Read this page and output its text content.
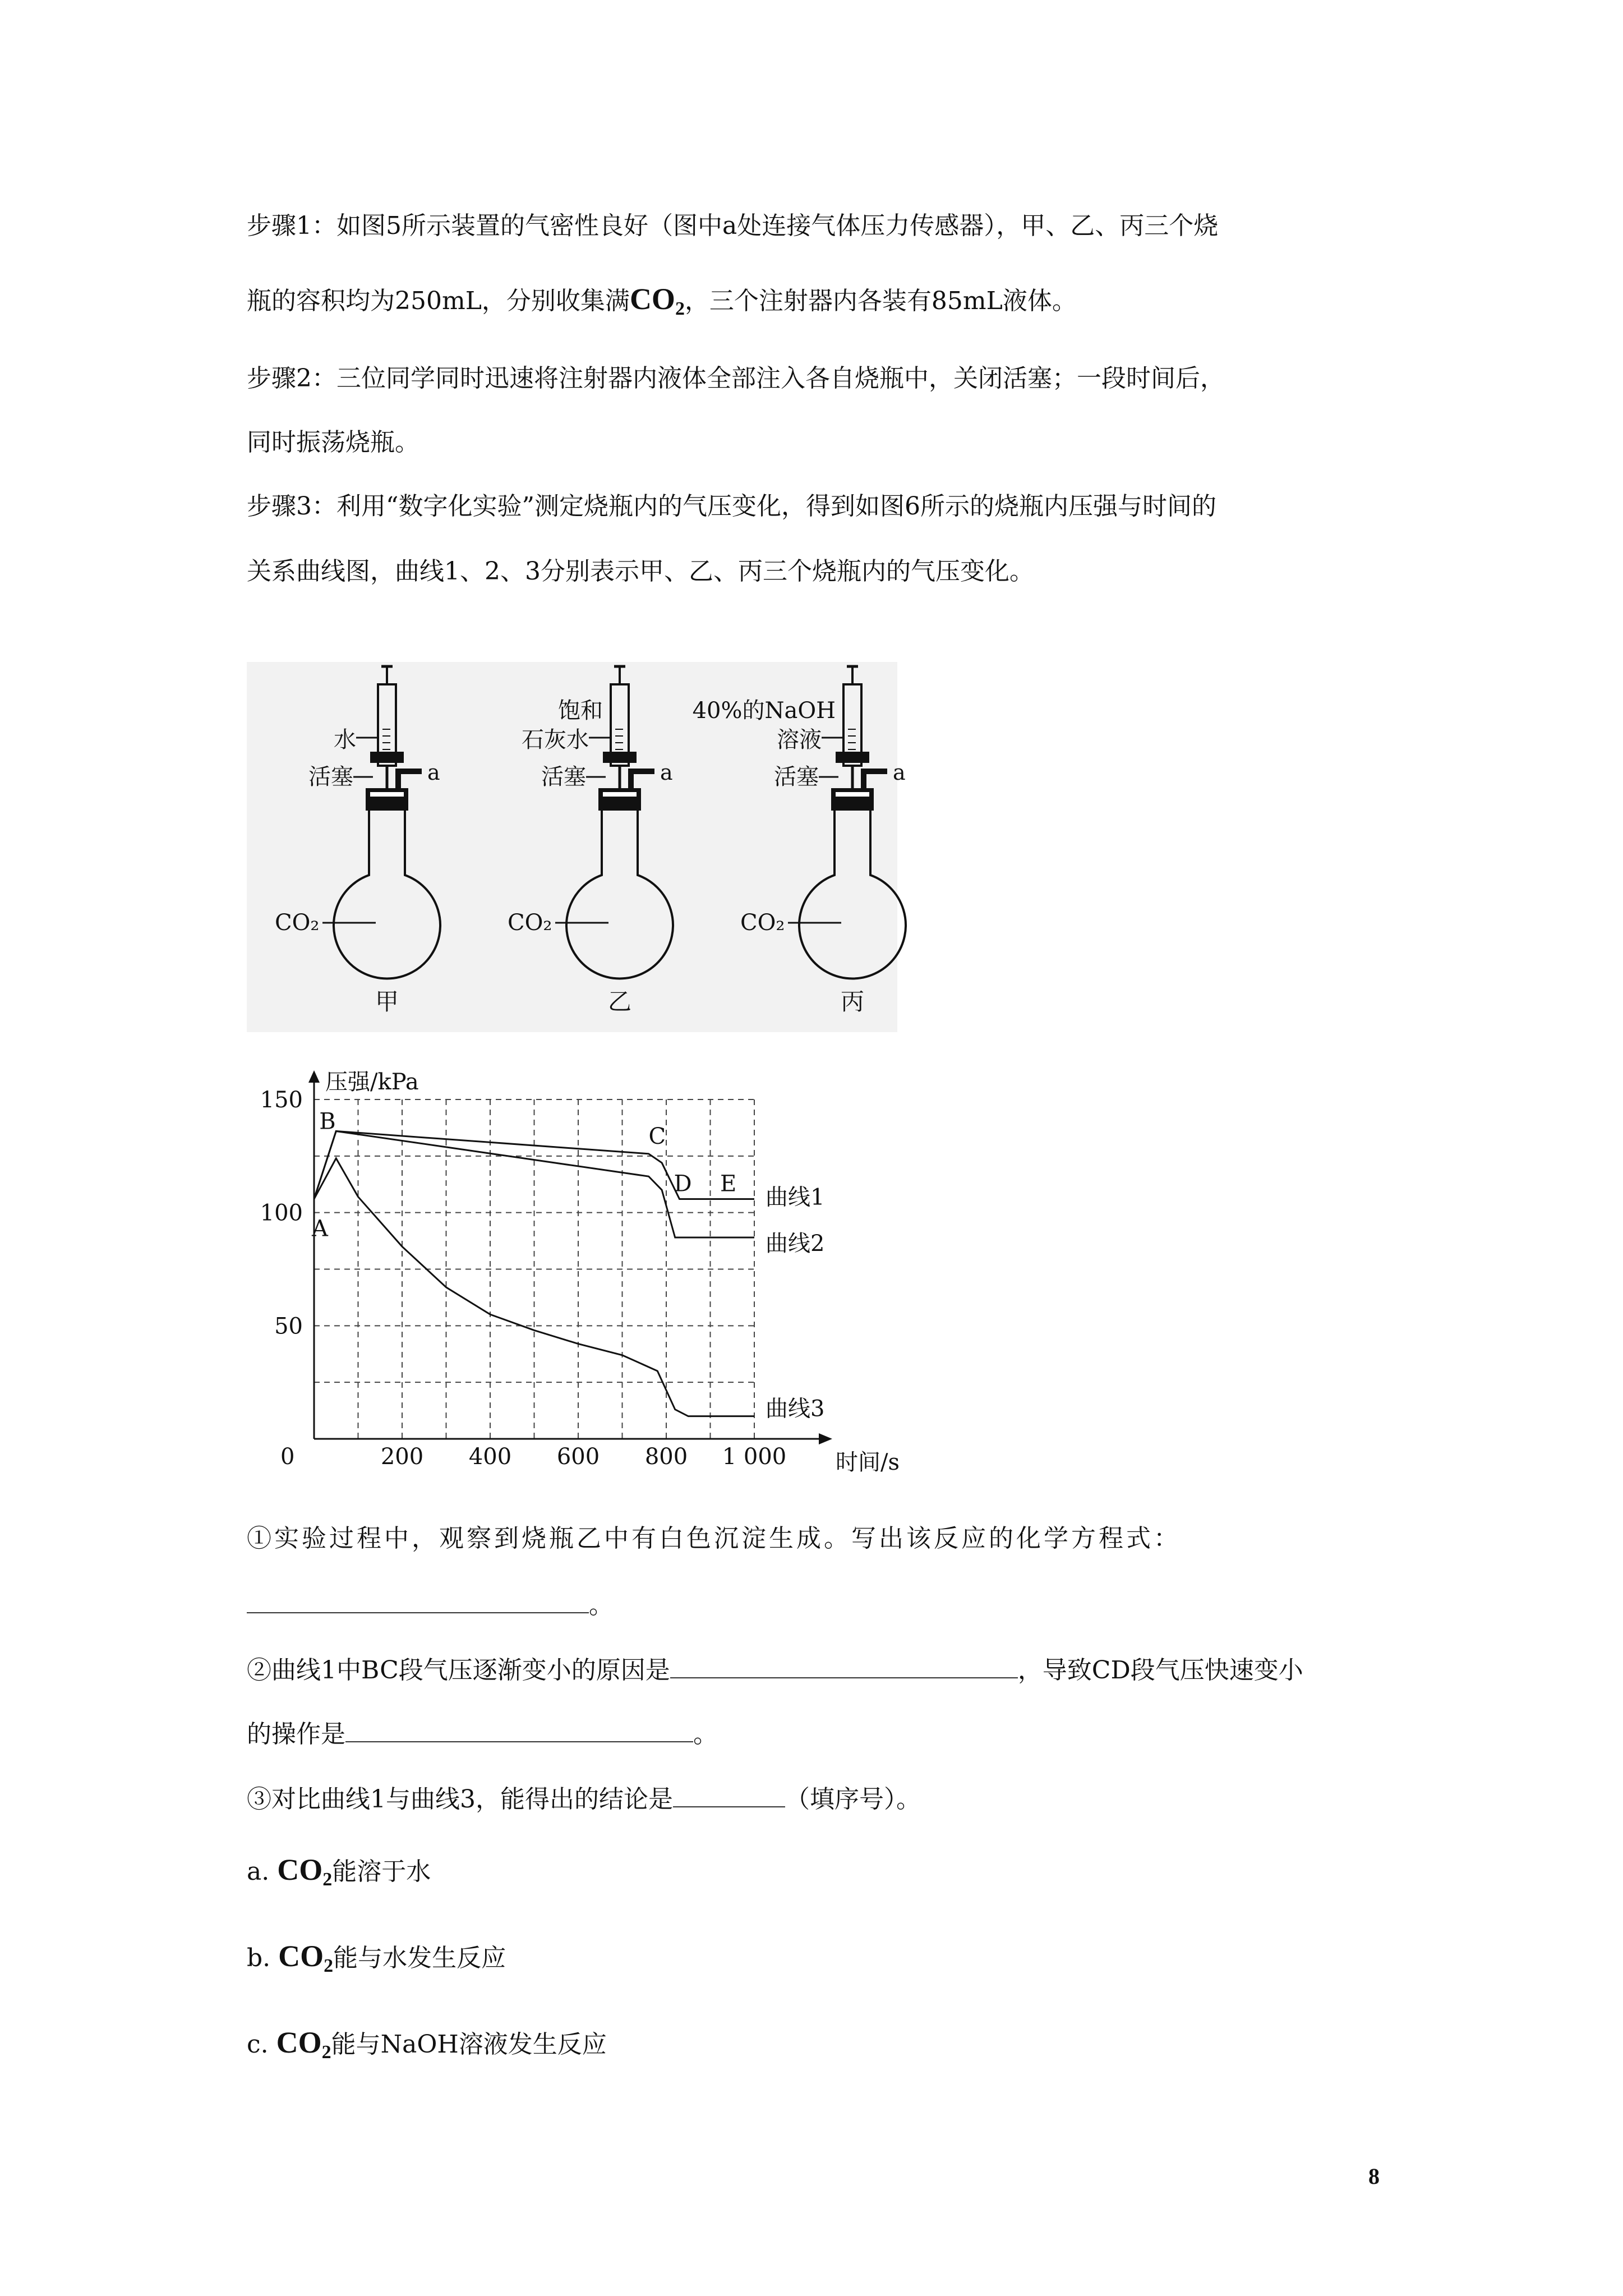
步骤1：如图5所示装置的气密性良好（图中a处连接气体压力传感器），甲、乙、丙三个烧
瓶的容积均为250mL，分别收集满$CO_2$，三个注射器内各装有85mL液体。
步骤2：三位同学同时迅速将注射器内液体全部注入各自烧瓶中，关闭活塞；一段时间后，
同时振荡烧瓶。
步骤3：利用“数字化实验”测定烧瓶内的气压变化，得到如图6所示的烧瓶内压强与时间的
关系曲线图，曲线1、2、3分别表示甲、乙、丙三个烧瓶内的气压变化。
CO₂
a
活塞
水
甲
CO₂
a
活塞
饱和
石灰水
乙
CO₂
a
活塞
40%的NaOH
溶液
丙
压强/kPa
时间/s
0	200 400 600 800 1 000
50
100
150
曲线1
曲线2
曲线3
A
B
C
D E
①实验过程中，观察到烧瓶乙中有白色沉淀生成。写出该反应的化学方程式：
。
②曲线1中BC段气压逐渐变小的原因是	，导致CD段气压快速变小
的操作是	。
③对比曲线1与曲线3，能得出的结论是	（填序号）。
a. $CO_2$能溶于水
b. $CO_2$能与水发生反应
c. $CO_2$能与NaOH溶液发生反应
8
